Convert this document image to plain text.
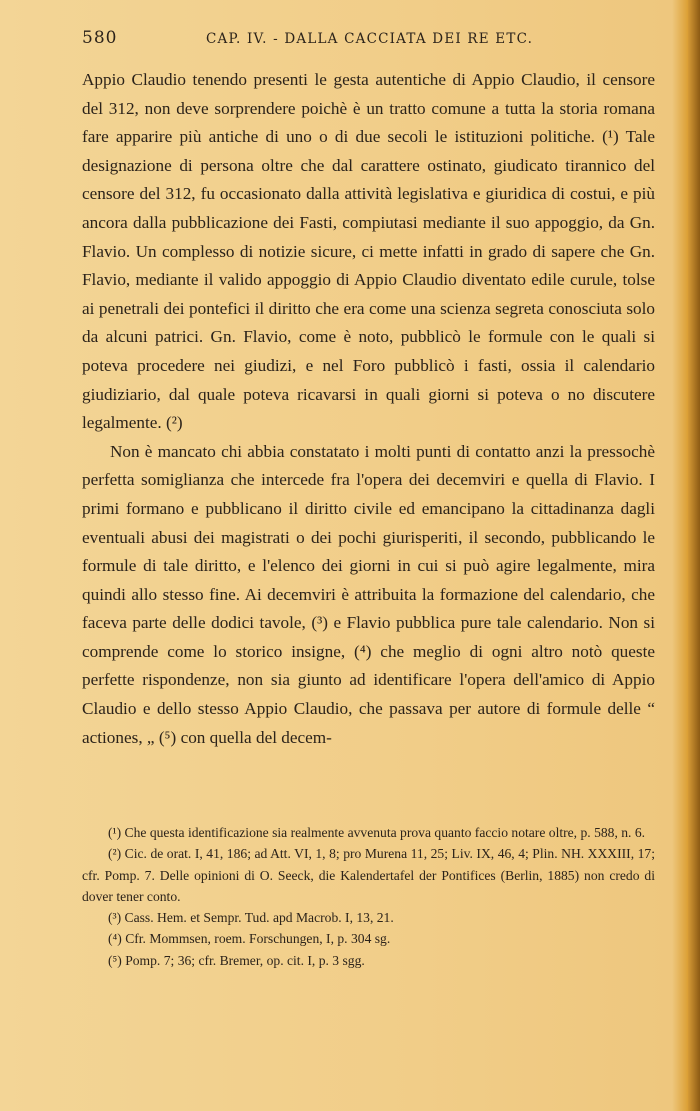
580	CAP. IV. - DALLA CACCIATA DEI RE ETC.

Appio Claudio tenendo presenti le gesta autentiche di Appio Claudio, il censore del 312, non deve sorprendere poichè è un tratto comune a tutta la storia romana fare apparire più antiche di uno o di due secoli le istituzioni politiche. (¹) Tale designazione di persona oltre che dal carattere ostinato, giudicato tirannico del censore del 312, fu occasionato dalla attività legislativa e giuridica di costui, e più ancora dalla pubblicazione dei Fasti, compiutasi mediante il suo appoggio, da Gn. Flavio. Un complesso di notizie sicure, ci mette infatti in grado di sapere che Gn. Flavio, mediante il valido appoggio di Appio Claudio diventato edile curule, tolse ai penetrali dei pontefici il diritto che era come una scienza segreta conosciuta solo da alcuni patrici. Gn. Flavio, come è noto, pubblicò le formule con le quali si poteva procedere nei giudizi, e nel Foro pubblicò i fasti, ossia il calendario giudiziario, dal quale poteva ricavarsi in quali giorni si poteva o no discutere legalmente. (²)

Non è mancato chi abbia constatato i molti punti di contatto anzi la pressochè perfetta somiglianza che intercede fra l'opera dei decemviri e quella di Flavio. I primi formano e pubblicano il diritto civile ed emancipano la cittadinanza dagli eventuali abusi dei magistrati o dei pochi giurisperiti, il secondo, pubblicando le formule di tale diritto, e l'elenco dei giorni in cui si può agire legalmente, mira quindi allo stesso fine. Ai decemviri è attribuita la formazione del calendario, che faceva parte delle dodici tavole, (³) e Flavio pubblica pure tale calendario. Non si comprende come lo storico insigne, (⁴) che meglio di ogni altro notò queste perfette rispondenze, non sia giunto ad identificare l'opera dell'amico di Appio Claudio e dello stesso Appio Claudio, che passava per autore di formule delle “ actiones, „ (⁵) con quella del decem-

(¹) Che questa identificazione sia realmente avvenuta prova quanto faccio notare oltre, p. 588, n. 6.

(²) Cic. de orat. I, 41, 186; ad Att. VI, 1, 8; pro Murena 11, 25; Liv. IX, 46, 4; Plin. NH. XXXIII, 17; cfr. Pomp. 7. Delle opinioni di O. Seeck, die Kalendertafel der Pontifices (Berlin, 1885) non credo di dover tener conto.

(³) Cass. Hem. et Sempr. Tud. apd Macrob. I, 13, 21.

(⁴) Cfr. Mommsen, roem. Forschungen, I, p. 304 sg.

(⁵) Pomp. 7; 36; cfr. Bremer, op. cit. I, p. 3 sgg.
